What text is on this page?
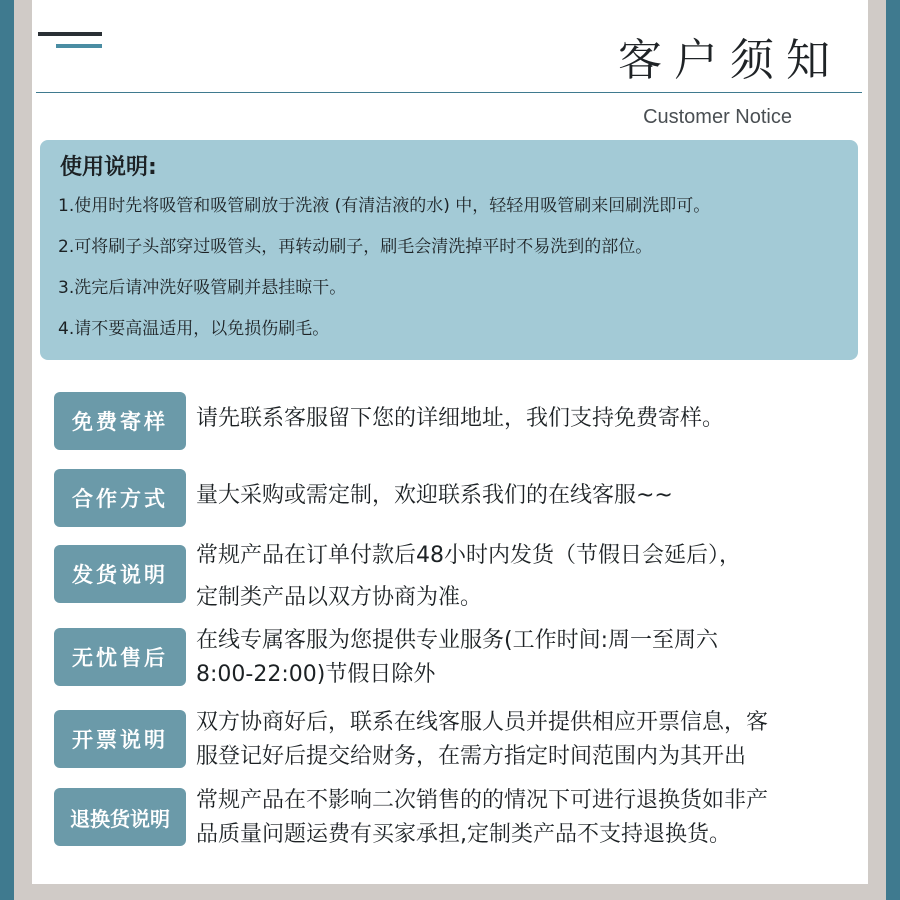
客户须知
Customer Notice
使用说明:
1.使用时先将吸管和吸管刷放于洗液 (有清洁液的水) 中，轻轻用吸管刷来回刷洗即可。
2.可将刷子头部穿过吸管头，再转动刷子，刷毛会清洗掉平时不易洗到的部位。
3.洗完后请冲洗好吸管刷并悬挂晾干。
4.请不要高温适用，以免损伤刷毛。
免费寄样	请先联系客服留下您的详细地址，我们支持免费寄样。
合作方式	量大采购或需定制，欢迎联系我们的在线客服~~
发货说明
常规产品在订单付款后48小时内发货（节假日会延后），
定制类产品以双方协商为准。
无忧售后
在线专属客服为您提供专业服务(工作时间:周一至周六
8:00-22:00)节假日除外
开票说明
双方协商好后，联系在线客服人员并提供相应开票信息，客
服登记好后提交给财务，在需方指定时间范围内为其开出
退换货说明
常规产品在不影响二次销售的的情况下可进行退换货如非产
品质量问题运费有买家承担,定制类产品不支持退换货。
